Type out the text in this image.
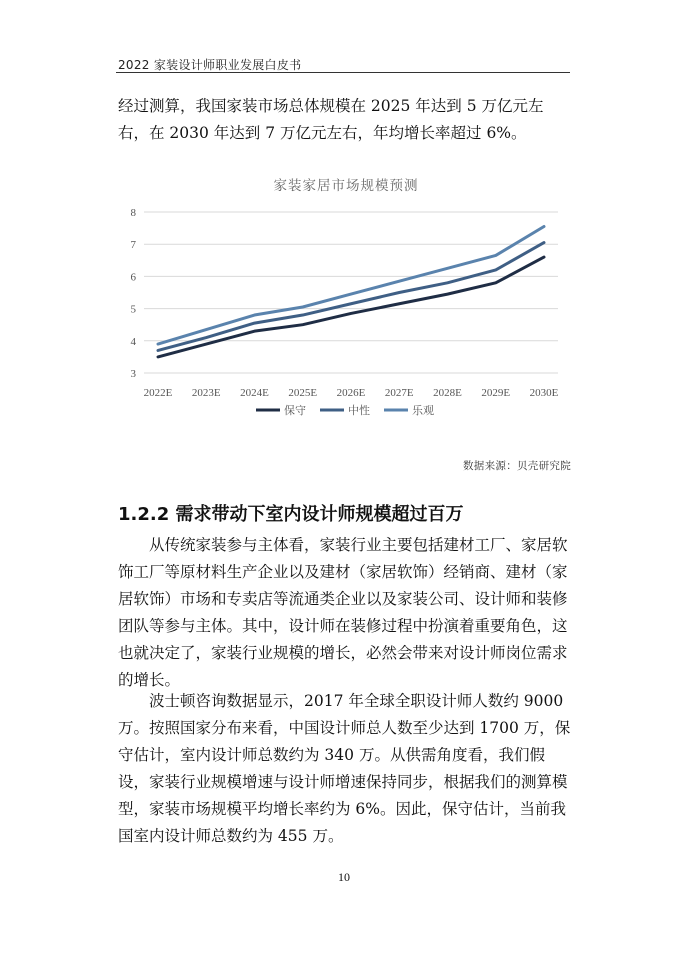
2022 家装设计师职业发展白皮书

经过测算，我国家装市场总体规模在 2025 年达到 5 万亿元左右，在 2030 年达到 7 万亿元左右，年均增长率超过 6%。

家装家居市场规模预测
3
4
5
6
7
8
2022E 2023E 2024E 2025E 2026E 2027E 2028E 2029E 2030E
保守	中性	乐观
数据来源：贝壳研究院
1.2.2 需求带动下室内设计师规模超过百万

从传统家装参与主体看，家装行业主要包括建材工厂、家居软饰工厂等原材料生产企业以及建材（家居软饰）经销商、建材（家居软饰）市场和专卖店等流通类企业以及家装公司、设计师和装修团队等参与主体。其中，设计师在装修过程中扮演着重要角色，这也就决定了，家装行业规模的增长，必然会带来对设计师岗位需求的增长。

波士顿咨询数据显示，2017 年全球全职设计师人数约 9000 万。按照国家分布来看，中国设计师总人数至少达到 1700 万，保守估计，室内设计师总数约为 340 万。从供需角度看，我们假设，家装行业规模增速与设计师增速保持同步，根据我们的测算模型，家装市场规模平均增长率约为 6%。因此，保守估计，当前我国室内设计师总数约为 455 万。

10
